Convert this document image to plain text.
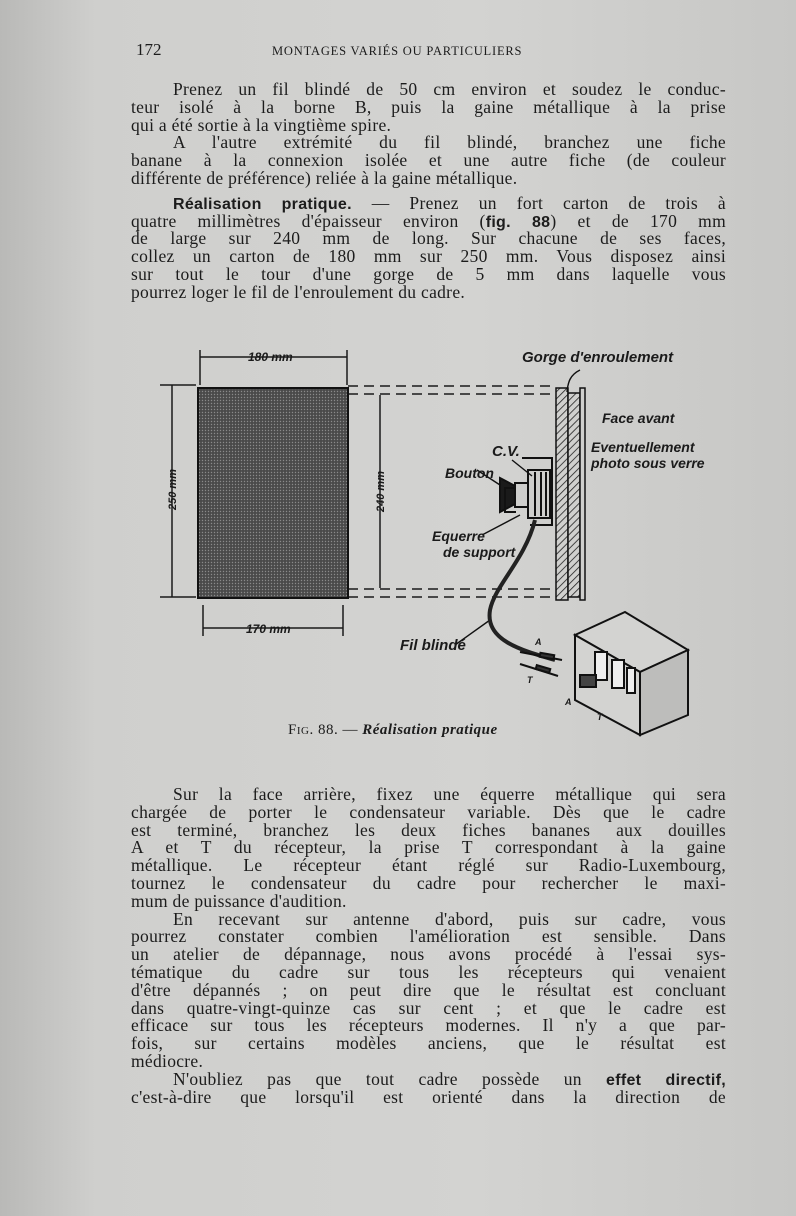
172	MONTAGES VARIÉS OU PARTICULIERS
Prenez un fil blindé de 50 cm environ et soudez le conduc-
teur isolé à la borne B, puis la gaine métallique à la prise
qui a été sortie à la vingtième spire.
A l'autre extrémité du fil blindé, branchez une fiche
banane à la connexion isolée et une autre fiche (de couleur
différente de préférence) reliée à la gaine métallique.
Réalisation pratique. — Prenez un fort carton de trois à
quatre millimètres d'épaisseur environ (fig. 88) et de 170 mm
de large sur 240 mm de long. Sur chacune de ses faces,
collez un carton de 180 mm sur 250 mm. Vous disposez ainsi
sur tout le tour d'une gorge de 5 mm dans laquelle vous
pourrez loger le fil de l'enroulement du cadre.
180 mm
250 mm	240 mm
170 mm
Gorge d'enroulement
Face avant
Eventuellement
photo sous verre
C.V.
Bouton
Equerre
de support
Fil blindé	A
T
A
T
Fig. 88. — Réalisation pratique
Sur la face arrière, fixez une équerre métallique qui sera
chargée de porter le condensateur variable. Dès que le cadre
est terminé, branchez les deux fiches bananes aux douilles
A et T du récepteur, la prise T correspondant à la gaine
métallique. Le récepteur étant réglé sur Radio-Luxembourg,
tournez le condensateur du cadre pour rechercher le maxi-
mum de puissance d'audition.
En recevant sur antenne d'abord, puis sur cadre, vous
pourrez constater combien l'amélioration est sensible. Dans
un atelier de dépannage, nous avons procédé à l'essai sys-
tématique du cadre sur tous les récepteurs qui venaient
d'être dépannés ; on peut dire que le résultat est concluant
dans quatre-vingt-quinze cas sur cent ; et que le cadre est
efficace sur tous les récepteurs modernes. Il n'y a que par-
fois, sur certains modèles anciens, que le résultat est
médiocre.
N'oubliez pas que tout cadre possède un effet directif,
c'est-à-dire que lorsqu'il est orienté dans la direction de
